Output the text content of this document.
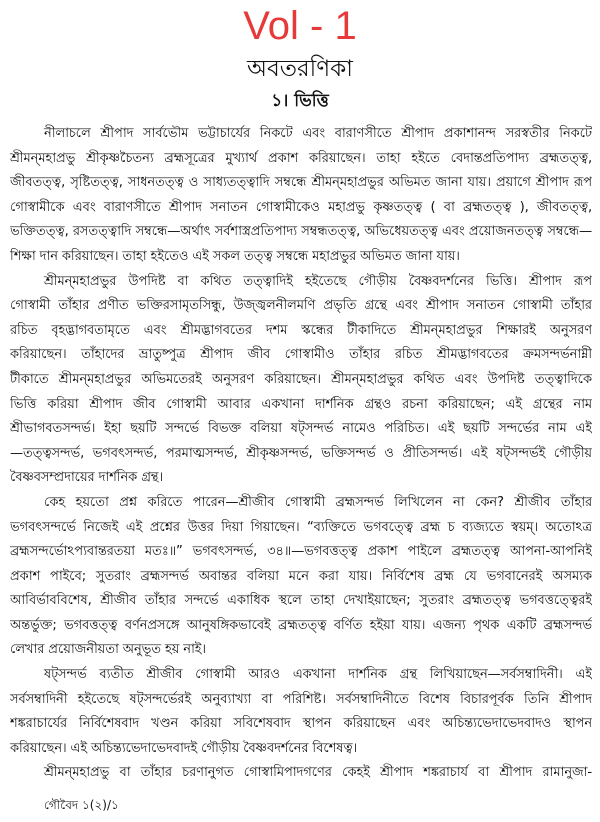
Vol - 1
অবতরণিকা
১। ভিত্তি
নীলাচলে শ্রীপাদ সার্বভৌম ভট্টাচার্যের নিকটে এবং বারাণসীতে শ্রীপাদ প্রকাশানন্দ সরস্বতীর নিকটে
শ্রীমন্‌মহাপ্রভু শ্রীকৃষ্ণচৈতন্য ব্রহ্মসূত্রের মুখ্যার্থ প্রকাশ করিয়াছেন। তাহা হইতে বেদান্তপ্রতিপাদ্য ব্রহ্মতত্ত্ব,
জীবতত্ত্ব, সৃষ্টিতত্ত্ব, সাধনতত্ত্ব ও সাধ্যতত্ত্বাদি সম্বন্ধে শ্রীমন্‌মহাপ্রভুর অভিমত জানা যায়। প্রয়াগে শ্রীপাদ রূপ
গোস্বামীকে এবং বারাণসীতে শ্রীপাদ সনাতন গোস্বামীকেও মহাপ্রভু কৃষ্ণতত্ত্ব ( বা ব্রহ্মতত্ত্ব ), জীবতত্ত্ব,
ভক্তিতত্ত্ব, রসতত্ত্বাদি সম্বন্ধে—অর্থাৎ সর্বশাস্ত্রপ্রতিপাদ্য সম্বন্ধতত্ত্ব, অভিধেয়তত্ত্ব এবং প্রয়োজনতত্ত্ব সম্বন্ধে—
শিক্ষা দান করিয়াছেন। তাহা হইতেও এই সকল তত্ত্ব সম্বন্ধে মহাপ্রভুর অভিমত জানা যায়।
শ্রীমন্‌মহাপ্রভুর উপদিষ্ট বা কথিত তত্ত্বাদিই হইতেছে গৌড়ীয় বৈষ্ণবদর্শনের ভিত্তি। শ্রীপাদ রূপ
গোস্বামী তাঁহার প্রণীত ভক্তিরসামৃতসিন্ধু, উজ্জ্বলনীলমণি প্রভৃতি গ্রন্থে এবং শ্রীপাদ সনাতন গোস্বামী তাঁহার
রচিত বৃহদ্ভাগবতামৃতে এবং শ্রীমদ্ভাগবতের দশম স্কন্ধের টীকাদিতে শ্রীমন্‌মহাপ্রভুর শিক্ষারই অনুসরণ
করিয়াছেন। তাঁহাদের ভ্রাতুষ্পুত্র শ্রীপাদ জীব গোস্বামীও তাঁহার রচিত শ্রীমদ্ভাগবতের ক্রমসন্দর্ভনাম্নী
টীকাতে শ্রীমন্‌মহাপ্রভুর অভিমতেরই অনুসরণ করিয়াছেন। শ্রীমন্‌মহাপ্রভুর কথিত এবং উপদিষ্ট তত্ত্বাদিকে
ভিত্তি করিয়া শ্রীপাদ জীব গোস্বামী আবার একখানা দার্শনিক গ্রন্থও রচনা করিয়াছেন; এই গ্রন্থের নাম
শ্রীভাগবতসন্দর্ভ। ইহা ছয়টি সন্দর্ভে বিভক্ত বলিয়া ষট্‌সন্দর্ভ নামেও পরিচিত। এই ছয়টি সন্দর্ভের নাম এই
—তত্ত্বসন্দর্ভ, ভগবৎসন্দর্ভ, পরমাত্মসন্দর্ভ, শ্রীকৃষ্ণসন্দর্ভ, ভক্তিসন্দর্ভ ও প্রীতিসন্দর্ভ। এই ষট্‌সন্দর্ভই গৌড়ীয়
বৈষ্ণবসম্প্রদায়ের দার্শনিক গ্রন্থ।
কেহ হয়তো প্রশ্ন করিতে পারেন—শ্রীজীব গোস্বামী ব্রহ্মসন্দর্ভ লিখিলেন না কেন? শ্রীজীব তাঁহার
ভগবৎসন্দর্ভে নিজেই এই প্রশ্নের উত্তর দিয়া গিয়াছেন। “ব্যক্তিতে ভগবত্ত্বে ব্রহ্ম চ ব্যজ্যতে স্বয়ম্। অতোঽত্র
ব্রহ্মসন্দর্ভোঽপ্যবান্তরতয়া মতঃ॥” ভগবৎসন্দর্ভ, ৩৪॥—ভগবত্তত্ত্ব প্রকাশ পাইলে ব্রহ্মতত্ত্ব আপনা-আপনিই
প্রকাশ পাইবে; সুতরাং ব্রহ্মসন্দর্ভ অবান্তর বলিয়া মনে করা যায়। নির্বিশেষ ব্রহ্ম যে ভগবানেরই অসম্যক
আবির্ভাববিশেষ, শ্রীজীব তাঁহার সন্দর্ভে একাধিক স্থলে তাহা দেখাইয়াছেন; সুতরাং ব্রহ্মতত্ত্ব ভগবত্তত্ত্বেরই
অন্তর্ভুক্ত; ভগবত্তত্ত্ব বর্ণনপ্রসঙ্গে আনুষঙ্গিকভাবেই ব্রহ্মতত্ত্ব বর্ণিত হইয়া যায়। এজন্য পৃথক একটি ব্রহ্মসন্দর্ভ
লেখার প্রয়োজনীয়তা অনুভূত হয় নাই।
ষট্‌সন্দর্ভ ব্যতীত শ্রীজীব গোস্বামী আরও একখানা দার্শনিক গ্রন্থ লিখিয়াছেন—সর্বসম্বাদিনী। এই
সর্বসম্বাদিনী হইতেছে ষট্‌সন্দর্ভেরই অনুব্যাখ্যা বা পরিশিষ্ট। সর্বসম্বাদিনীতে বিশেষ বিচারপূর্বক তিনি শ্রীপাদ
শঙ্করাচার্যের নির্বিশেষবাদ খণ্ডন করিয়া সবিশেষবাদ স্থাপন করিয়াছেন এবং অচিন্ত্যভেদাভেদবাদও স্থাপন
করিয়াছেন। এই অচিন্ত্যভেদাভেদবাদই গৌড়ীয় বৈষ্ণবদর্শনের বিশেষত্ব।
শ্রীমন্‌মহাপ্রভু বা তাঁহার চরণানুগত গোস্বামিপাদগণের কেহই শ্রীপাদ শঙ্করাচার্য বা শ্রীপাদ রামানুজা-
গৌবৈদ ১(২)/১
